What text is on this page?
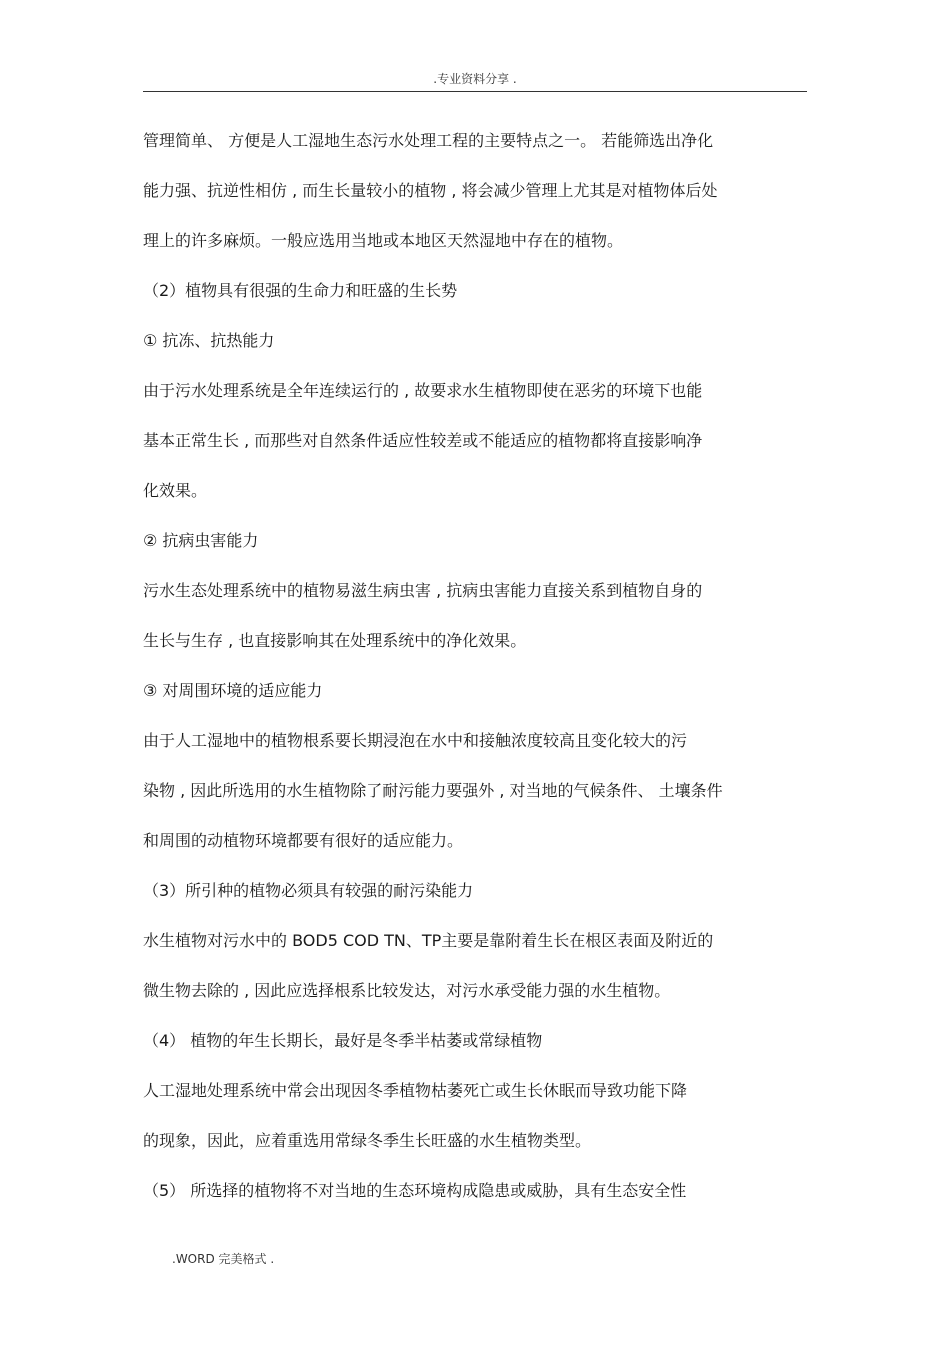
.专业资料分享 .
管理简单、 方便是人工湿地生态污水处理工程的主要特点之一。 若能筛选出净化
能力强、抗逆性相仿 , 而生长量较小的植物 , 将会减少管理上尤其是对植物体后处
理上的许多麻烦。一般应选用当地或本地区天然湿地中存在的植物。
（2）植物具有很强的生命力和旺盛的生长势
① 抗冻、抗热能力
由于污水处理系统是全年连续运行的 , 故要求水生植物即使在恶劣的环境下也能
基本正常生长 , 而那些对自然条件适应性较差或不能适应的植物都将直接影响净
化效果。
② 抗病虫害能力
污水生态处理系统中的植物易滋生病虫害 , 抗病虫害能力直接关系到植物自身的
生长与生存 , 也直接影响其在处理系统中的净化效果。
③ 对周围环境的适应能力
由于人工湿地中的植物根系要长期浸泡在水中和接触浓度较高且变化较大的污
染物 , 因此所选用的水生植物除了耐污能力要强外 , 对当地的气候条件、 土壤条件
和周围的动植物环境都要有很好的适应能力。
（3）所引种的植物必须具有较强的耐污染能力
水生植物对污水中的 BOD5 COD TN、TP主要是靠附着生长在根区表面及附近的
微生物去除的 , 因此应选择根系比较发达，对污水承受能力强的水生植物。
（4） 植物的年生长期长，最好是冬季半枯萎或常绿植物
人工湿地处理系统中常会出现因冬季植物枯萎死亡或生长休眠而导致功能下降
的现象，因此，应着重选用常绿冬季生长旺盛的水生植物类型。
（5） 所选择的植物将不对当地的生态环境构成隐患或威胁，具有生态安全性
.WORD 完美格式 .
